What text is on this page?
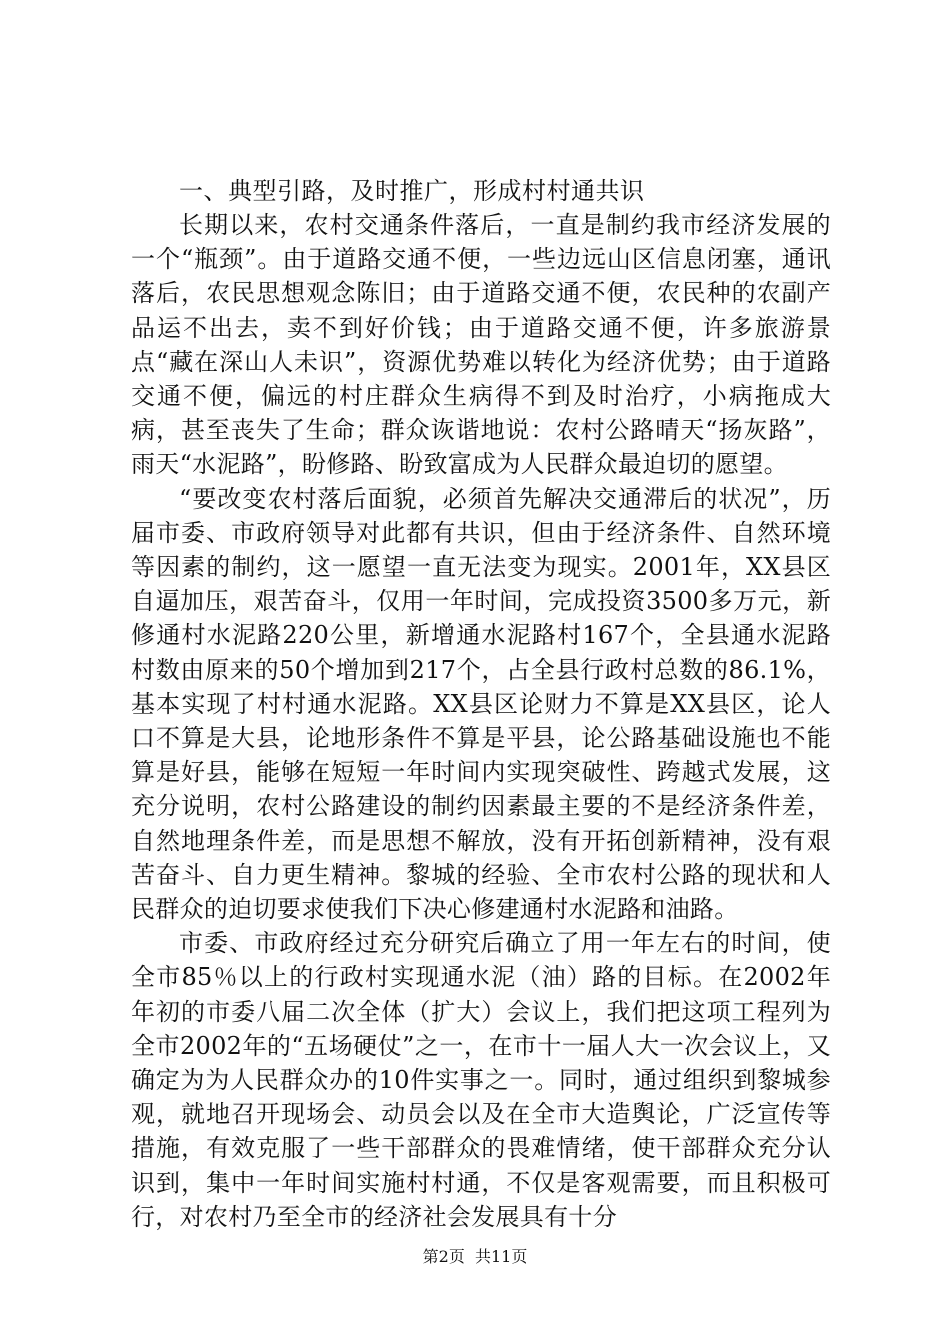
一、典型引路，及时推广，形成村村通共识

长期以来，农村交通条件落后，一直是制约我市经济发展的一个“瓶颈”。由于道路交通不便，一些边远山区信息闭塞，通讯落后，农民思想观念陈旧；由于道路交通不便，农民种的农副产品运不出去，卖不到好价钱；由于道路交通不便，许多旅游景点“藏在深山人未识”，资源优势难以转化为经济优势；由于道路交通不便，偏远的村庄群众生病得不到及时治疗，小病拖成大病，甚至丧失了生命；群众诙谐地说：农村公路晴天“扬灰路”，雨天“水泥路”，盼修路、盼致富成为人民群众最迫切的愿望。

“要改变农村落后面貌，必须首先解决交通滞后的状况”，历届市委、市政府领导对此都有共识，但由于经济条件、自然环境等因素的制约，这一愿望一直无法变为现实。2001年，XX县区自逼加压，艰苦奋斗，仅用一年时间，完成投资3500多万元，新修通村水泥路220公里，新增通水泥路村167个，全县通水泥路村数由原来的50个增加到217个，占全县行政村总数的86.1%，基本实现了村村通水泥路。XX县区论财力不算是XX县区，论人口不算是大县，论地形条件不算是平县，论公路基础设施也不能算是好县，能够在短短一年时间内实现突破性、跨越式发展，这充分说明，农村公路建设的制约因素最主要的不是经济条件差，自然地理条件差，而是思想不解放，没有开拓创新精神，没有艰苦奋斗、自力更生精神。黎城的经验、全市农村公路的现状和人民群众的迫切要求使我们下决心修建通村水泥路和油路。

市委、市政府经过充分研究后确立了用一年左右的时间，使全市85％以上的行政村实现通水泥（油）路的目标。在2002年年初的市委八届二次全体（扩大）会议上，我们把这项工程列为全市2002年的“五场硬仗”之一，在市十一届人大一次会议上，又确定为为人民群众办的10件实事之一。同时，通过组织到黎城参观，就地召开现场会、动员会以及在全市大造舆论，广泛宣传等措施，有效克服了一些干部群众的畏难情绪，使干部群众充分认识到，集中一年时间实施村村通，不仅是客观需要，而且积极可行，对农村乃至全市的经济社会发展具有十分

第2页  共11页
